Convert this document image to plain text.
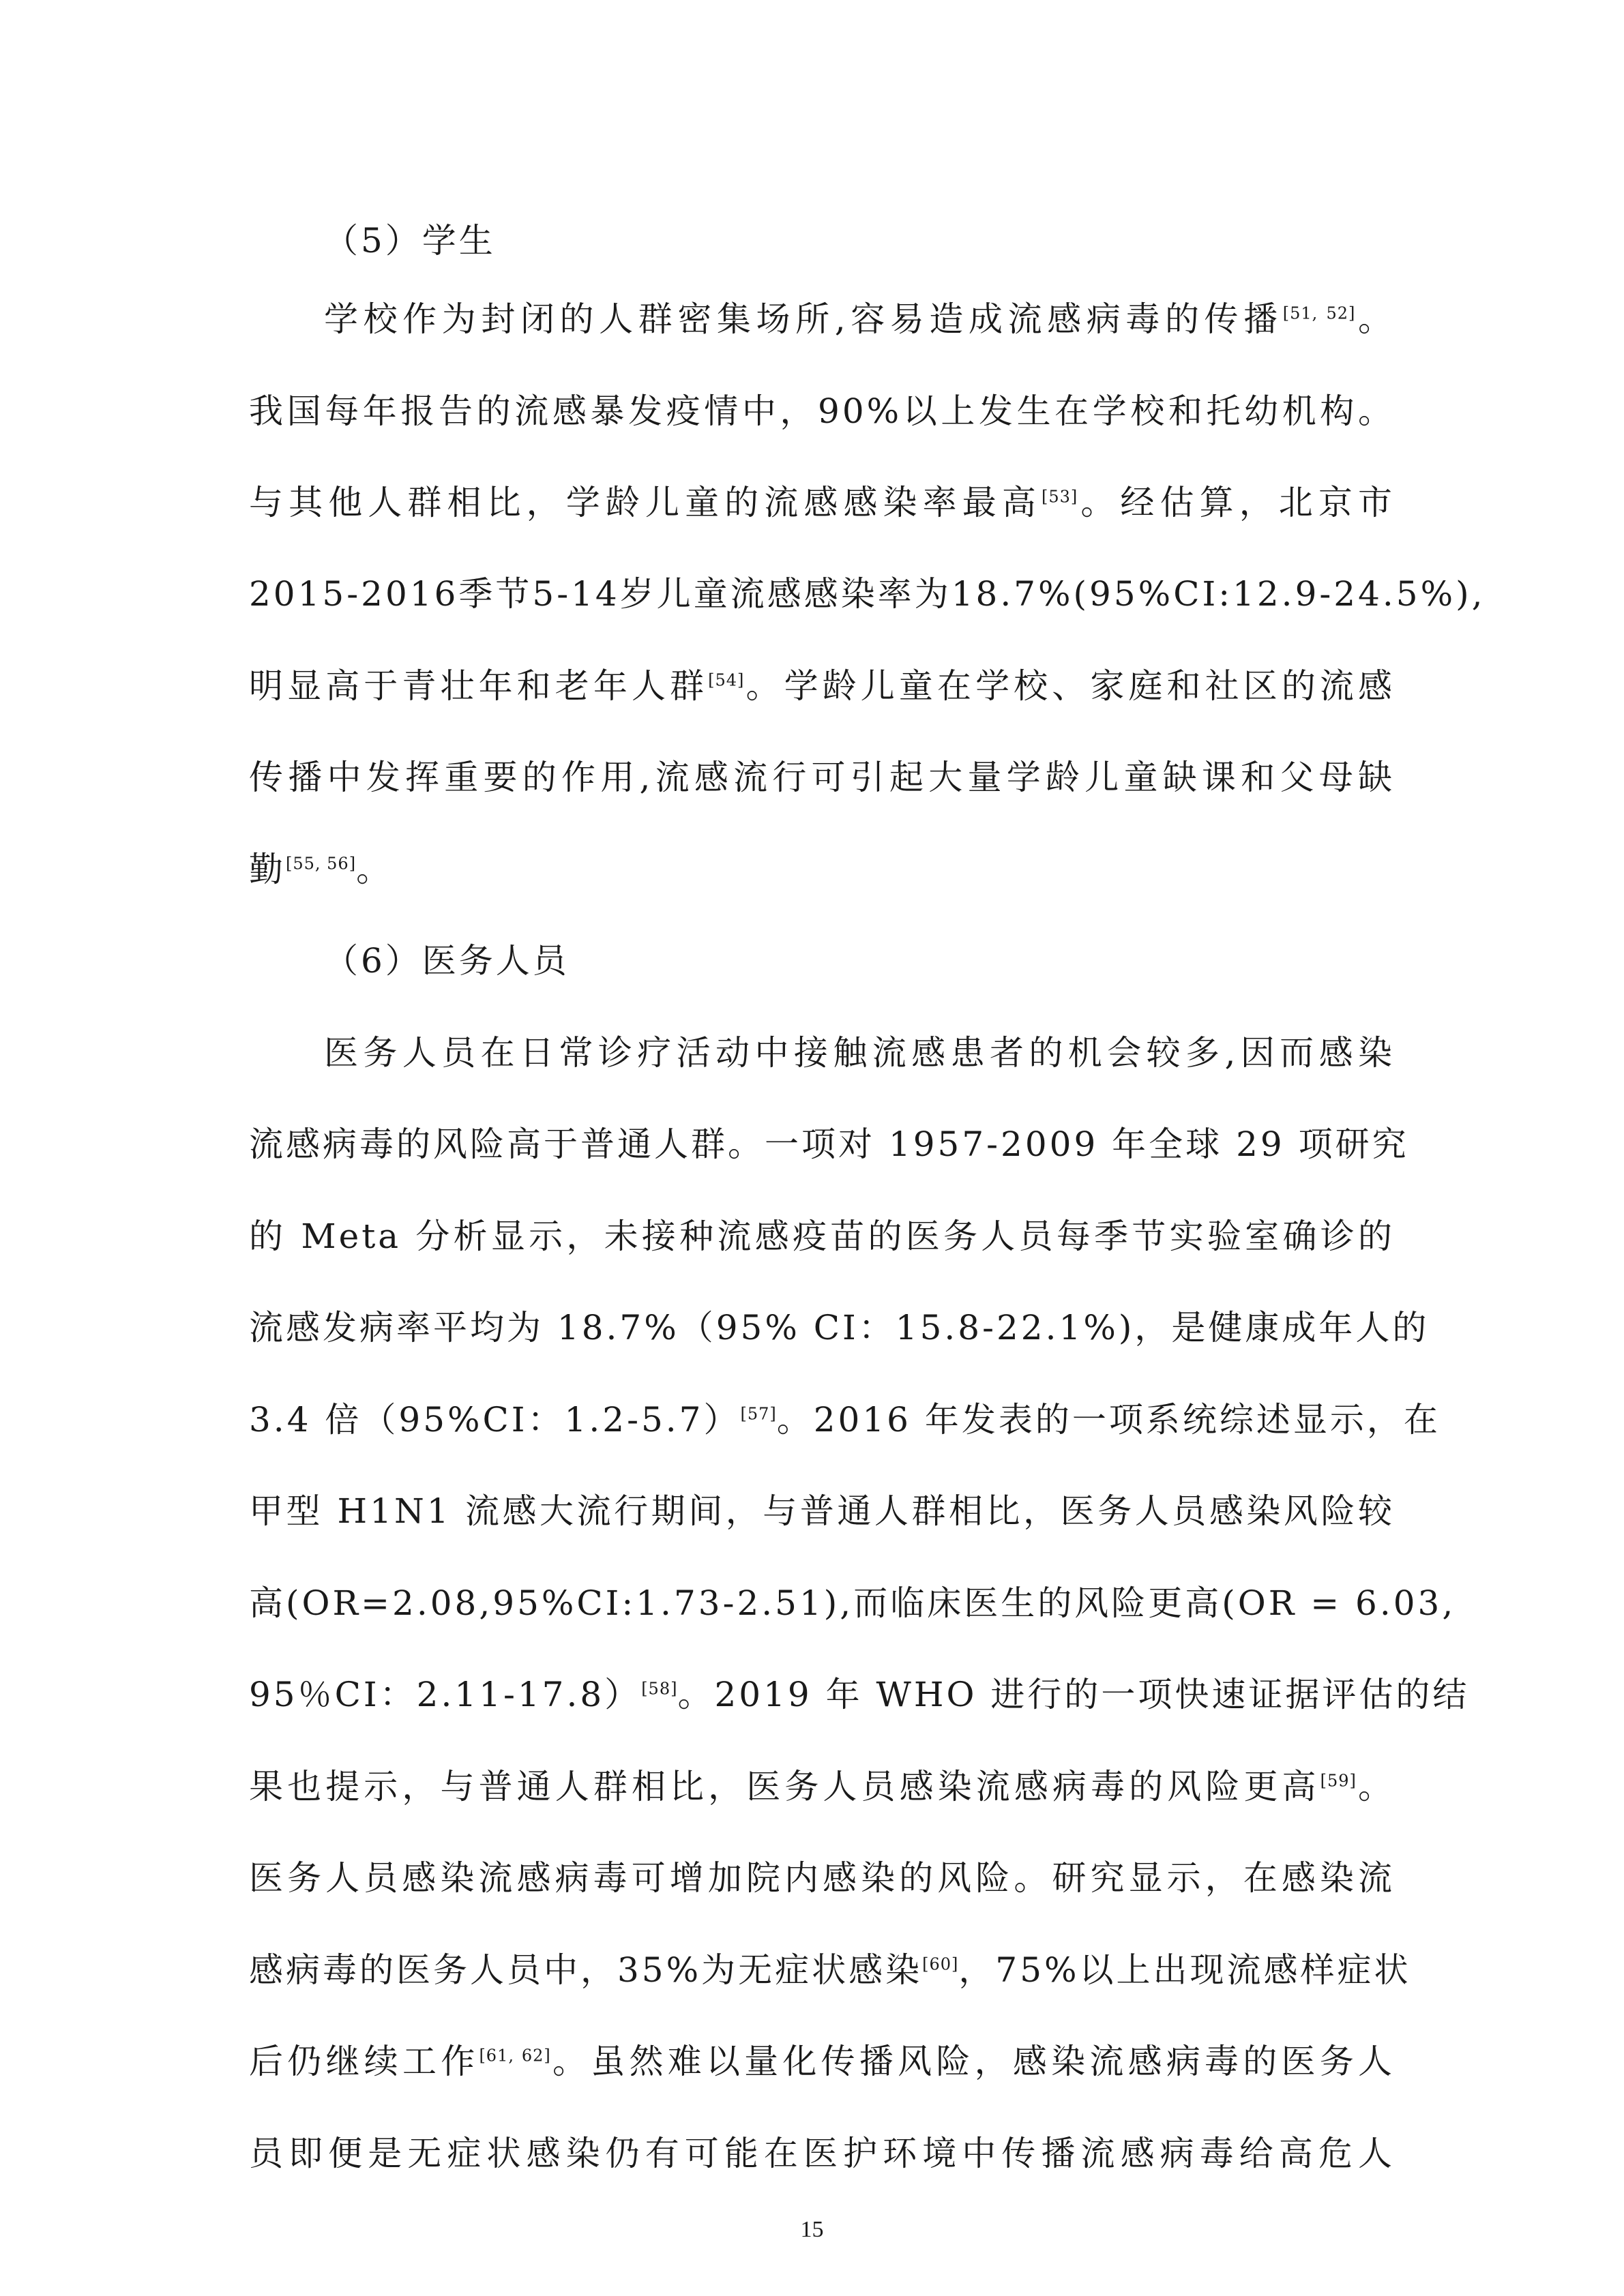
（5）学生
学校作为封闭的人群密集场所,容易造成流感病毒的传播[51, 52]。
我国每年报告的流感暴发疫情中，90%以上发生在学校和托幼机构。
与其他人群相比，学龄儿童的流感感染率最高[53]。经估算，北京市
2015-2016季节5-14岁儿童流感感染率为18.7%(95%CI:12.9-24.5%),
明显高于青壮年和老年人群[54]。学龄儿童在学校、家庭和社区的流感
传播中发挥重要的作用,流感流行可引起大量学龄儿童缺课和父母缺
勤[55, 56]。
（6）医务人员
医务人员在日常诊疗活动中接触流感患者的机会较多,因而感染
流感病毒的风险高于普通人群。一项对 1957-2009 年全球 29 项研究
的 Meta 分析显示，未接种流感疫苗的医务人员每季节实验室确诊的
流感发病率平均为 18.7%（95% CI：15.8-22.1%)，是健康成年人的
3.4 倍（95%CI：1.2-5.7）[57]。2016 年发表的一项系统综述显示，在
甲型 H1N1 流感大流行期间，与普通人群相比，医务人员感染风险较
高(OR=2.08,95%CI:1.73-2.51),而临床医生的风险更高(OR = 6.03,
95％CI：2.11-17.8）[58]。2019 年 WHO 进行的一项快速证据评估的结
果也提示，与普通人群相比，医务人员感染流感病毒的风险更高[59]。
医务人员感染流感病毒可增加院内感染的风险。研究显示，在感染流
感病毒的医务人员中，35%为无症状感染[60]，75%以上出现流感样症状
后仍继续工作[61, 62]。虽然难以量化传播风险，感染流感病毒的医务人
员即便是无症状感染仍有可能在医护环境中传播流感病毒给高危人
15
